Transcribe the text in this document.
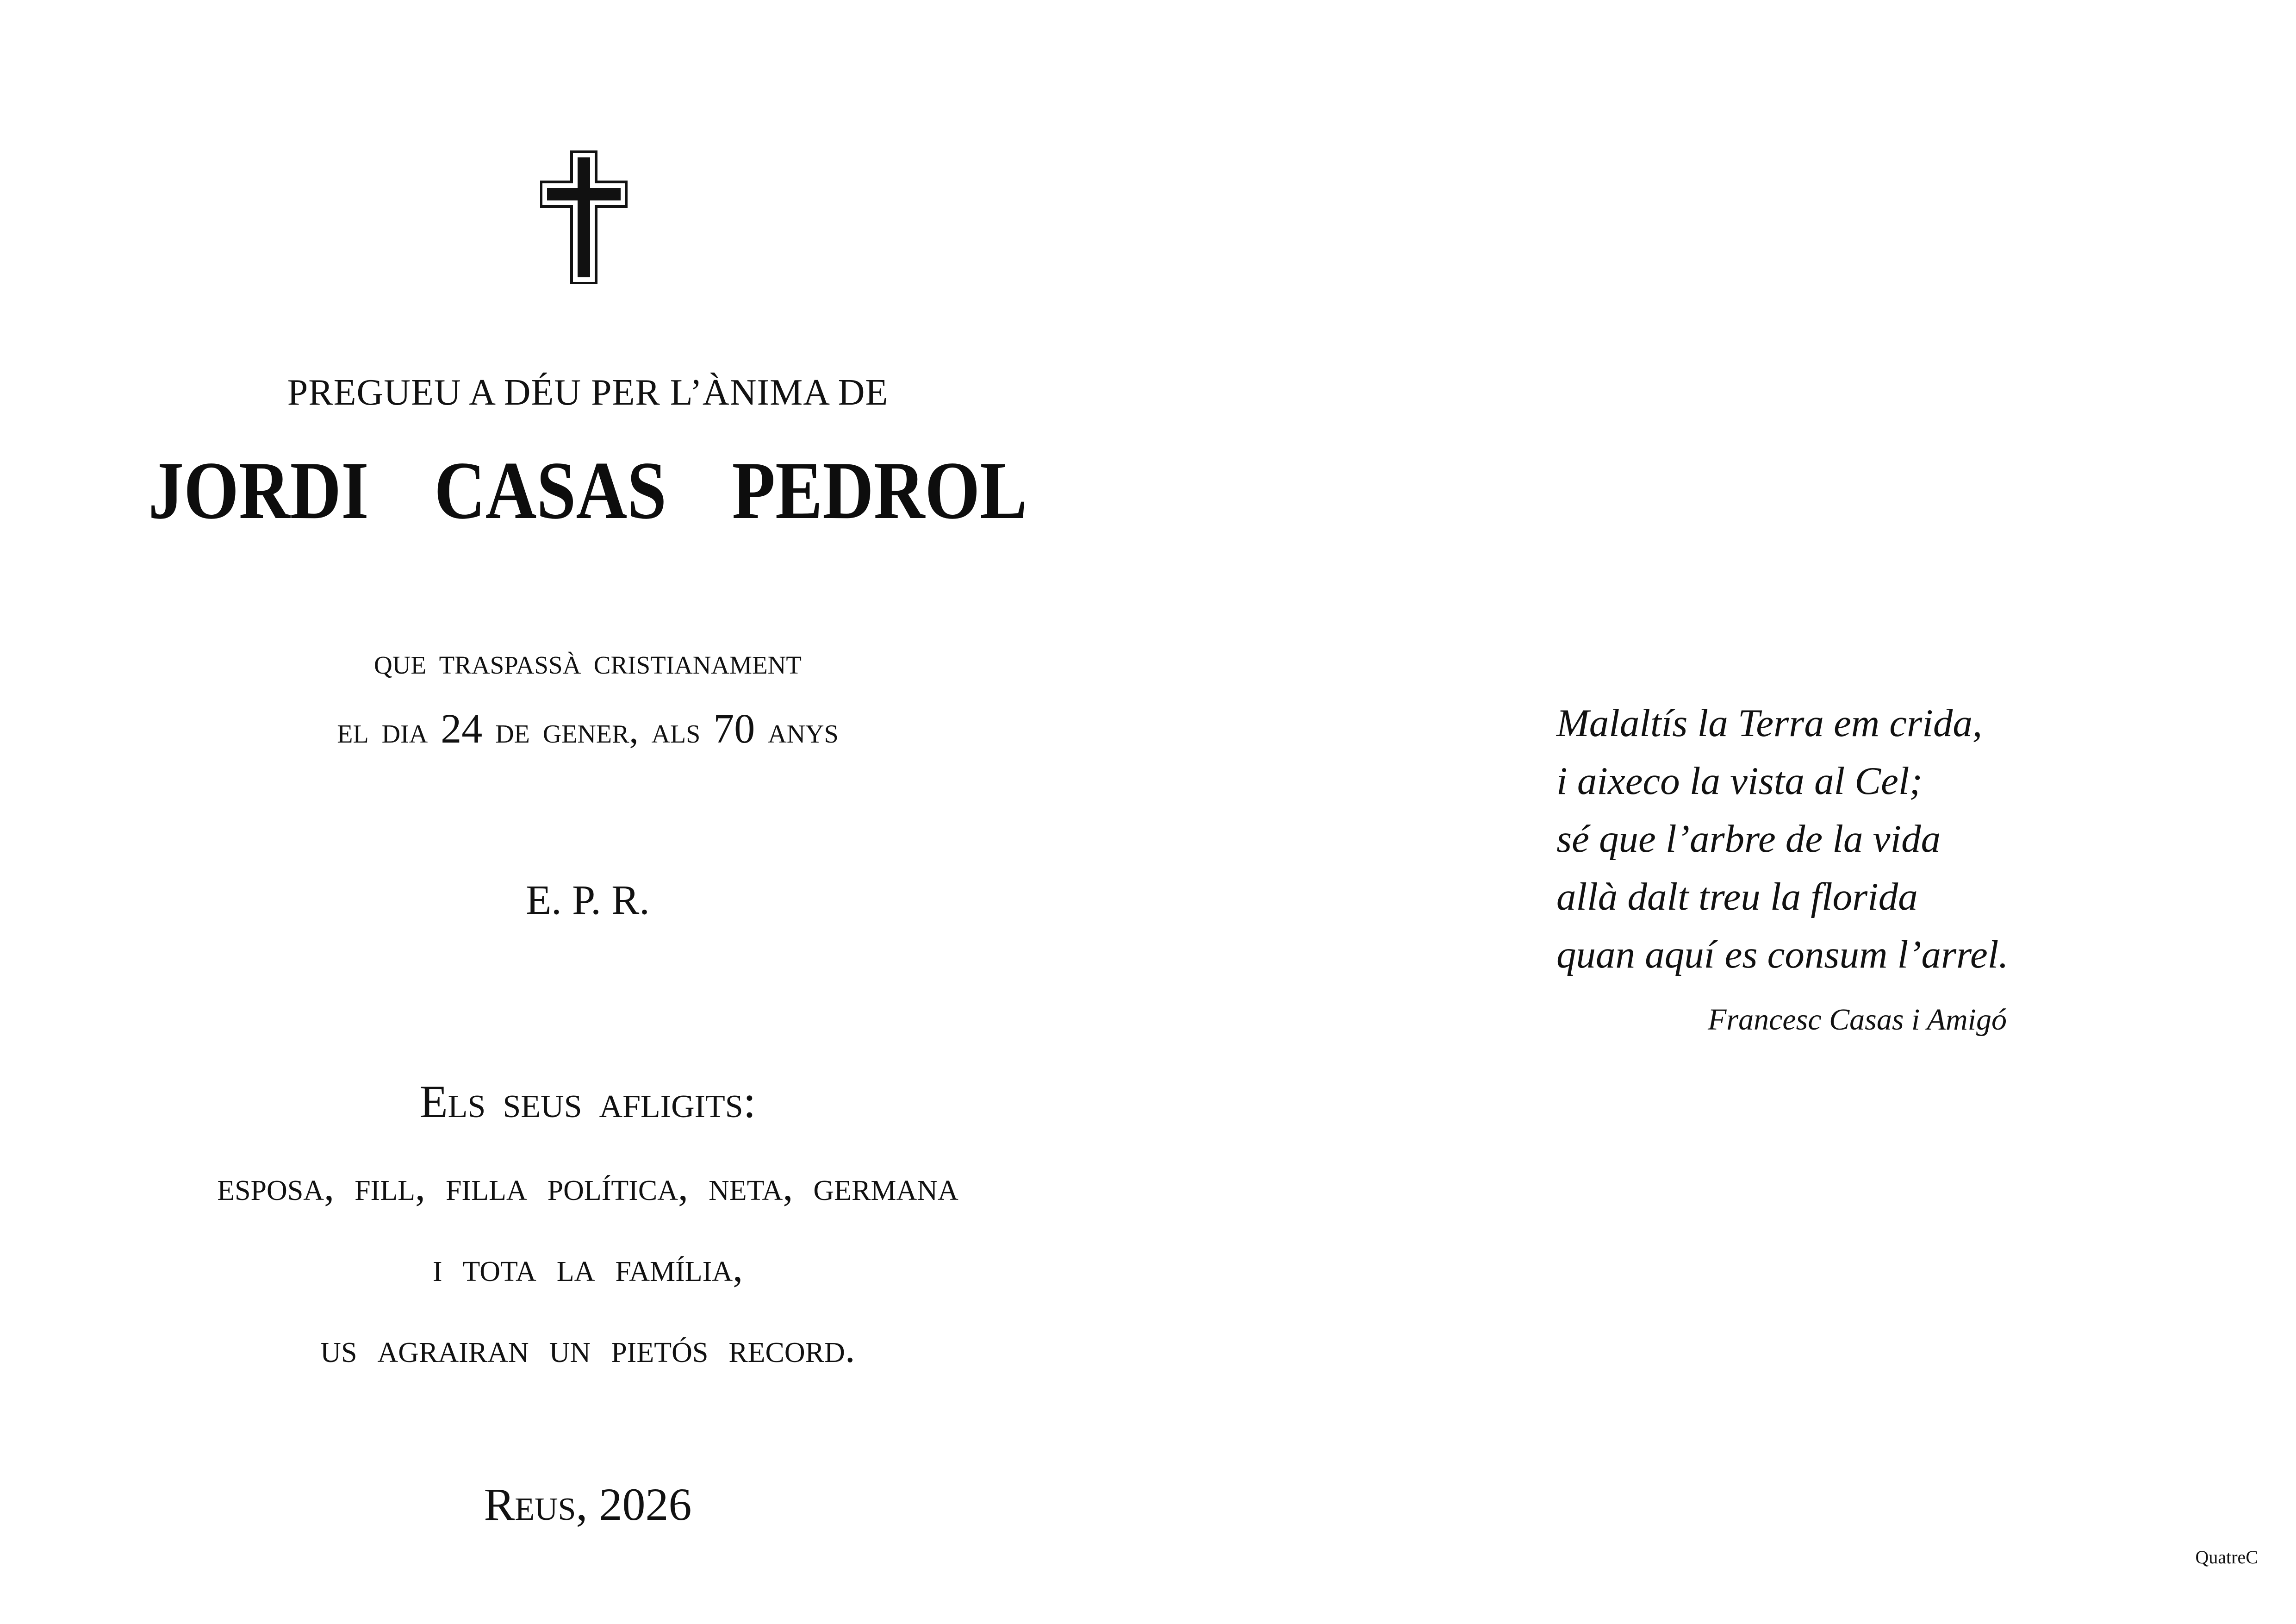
PREGUEU A DÉU PER L’ÀNIMA DE
JORDI CASAS PEDROL
que traspassà cristianament
el dia 24 de gener, als 70 anys
E. P. R.
Els seus afligits:
esposa, fill, filla política, neta, germana
i tota la família,
us agrairan un pietós record.
Reus, 2026
Malaltís la Terra em crida,
i aixeco la vista al Cel;
sé que l’arbre de la vida
allà dalt treu la florida
quan aquí es consum l’arrel.
Francesc Casas i Amigó
QuatreC
